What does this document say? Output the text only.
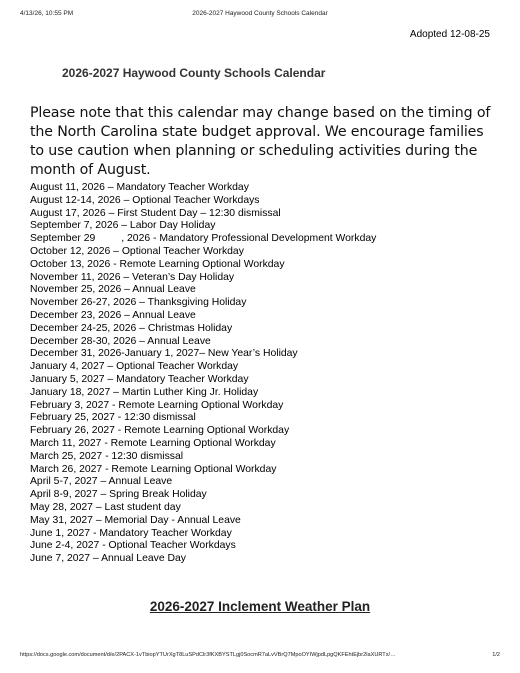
4/13/26, 10:55 PM	2026-2027 Haywood County Schools Calendar
Adopted 12-08-25
2026-2027 Haywood County Schools Calendar

Please note that this calendar may change based on the timing of the North Carolina state budget approval. We encourage families to use caution when planning or scheduling activities during the month of August.

August 11, 2026 – Mandatory Teacher Workday
August 12-14, 2026 – Optional Teacher Workdays
August 17, 2026 – First Student Day – 12:30 dismissal
September 7, 2026 – Labor Day Holiday
September 29         , 2026 - Mandatory Professional Development Workday
October 12, 2026 – Optional Teacher Workday
October 13, 2026 - Remote Learning Optional Workday
November 11, 2026 – Veteran’s Day Holiday
November 25, 2026 – Annual Leave
November 26-27, 2026 – Thanksgiving Holiday
December 23, 2026 – Annual Leave
December 24-25, 2026 – Christmas Holiday
December 28-30, 2026 – Annual Leave
December 31, 2026-January 1, 2027– New Year’s Holiday
January 4, 2027 – Optional Teacher Workday
January 5, 2027 – Mandatory Teacher Workday
January 18, 2027 – Martin Luther King Jr. Holiday
February 3, 2027 - Remote Learning Optional Workday
February 25, 2027 - 12:30 dismissal
February 26, 2027 - Remote Learning Optional Workday
March 11, 2027 - Remote Learning Optional Workday
March 25, 2027 - 12:30 dismissal
March 26, 2027 - Remote Learning Optional Workday
April 5-7, 2027 – Annual Leave
April 8-9, 2027 – Spring Break Holiday
May 28, 2027 – Last student day
May 31, 2027 – Memorial Day - Annual Leave
June 1, 2027 - Mandatory Teacher Workday
June 2-4, 2027 - Optional Teacher Workdays
June 7, 2027 – Annual Leave Day
2026-2027 Inclement Weather Plan
https://docs.google.com/document/d/e/2PACX-1vTbiopYTUrXgT8LuSPdClr3fKXBYSTLgj0SocmR7aLvVBrQ7MpoOYIWjpdLpgQKFEhtEjbr2laXURTx/…	1/2
